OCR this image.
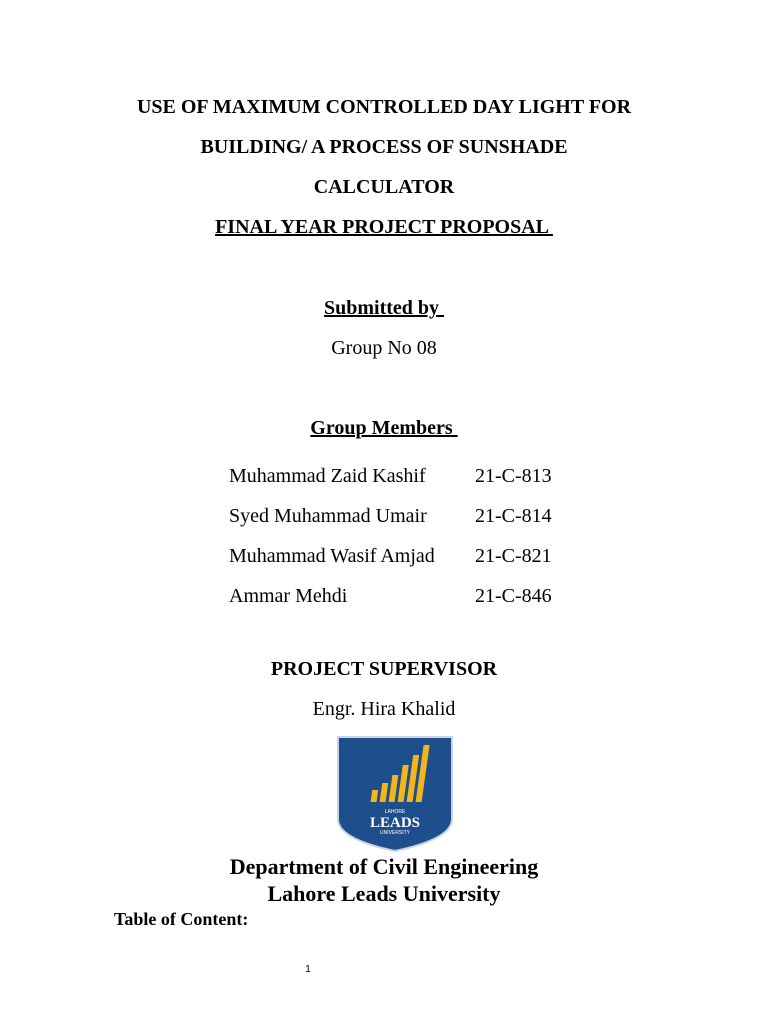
USE OF MAXIMUM CONTROLLED DAY LIGHT FOR
BUILDING/ A PROCESS OF SUNSHADE
CALCULATOR
FINAL YEAR PROJECT PROPOSAL
Submitted by
Group No 08
Group Members
Muhammad Zaid Kashif 21-C-813
Syed Muhammad Umair 21-C-814
Muhammad Wasif Amjad 21-C-821
Ammar Mehdi	21-C-846
PROJECT SUPERVISOR
Engr. Hira Khalid
LAHORE
LEADS
UNIVERSITY
Department of Civil Engineering
Lahore Leads University
Table of Content:
1
